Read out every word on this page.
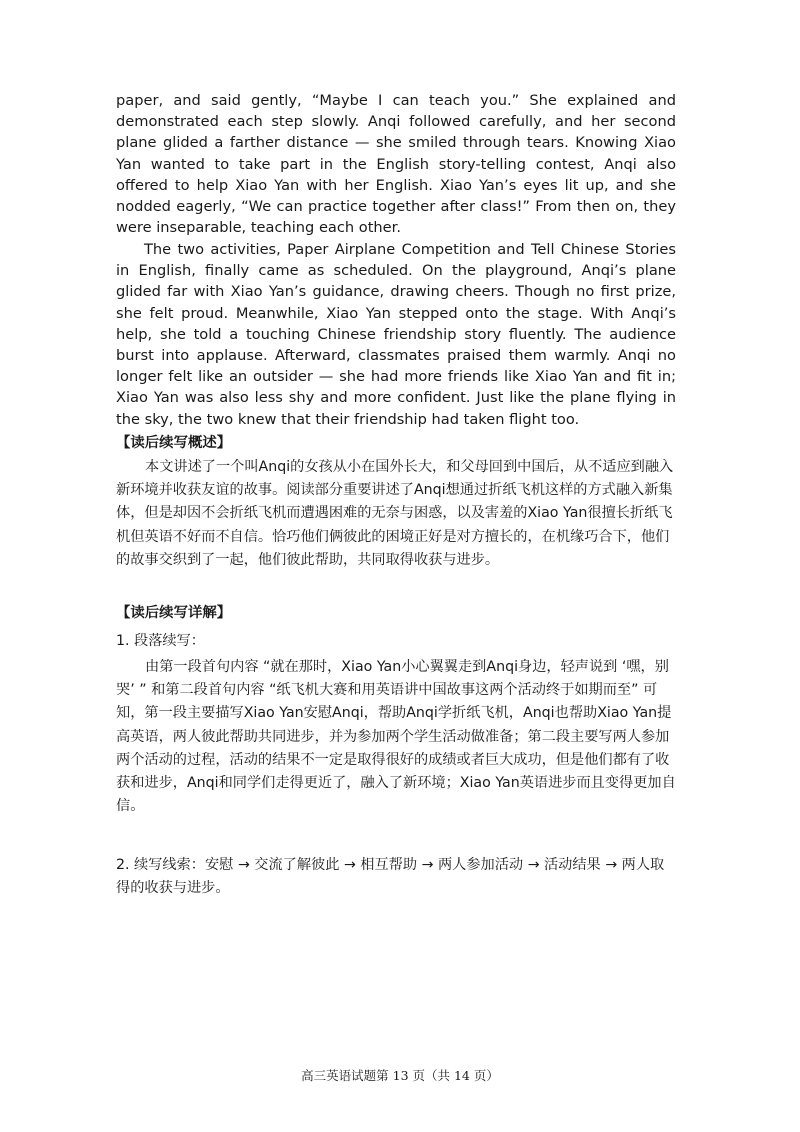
paper, and said gently, “Maybe I can teach you.” She explained and demonstrated each step slowly. Anqi followed carefully, and her second plane glided a farther distance — she smiled through tears. Knowing Xiao Yan wanted to take part in the English story-telling contest, Anqi also offered to help Xiao Yan with her English. Xiao Yan’s eyes lit up, and she nodded eagerly, “We can practice together after class!” From then on, they were inseparable, teaching each other.

The two activities, Paper Airplane Competition and Tell Chinese Stories in English, finally came as scheduled. On the playground, Anqi’s plane glided far with Xiao Yan’s guidance, drawing cheers. Though no first prize, she felt proud. Meanwhile, Xiao Yan stepped onto the stage. With Anqi’s help, she told a touching Chinese friendship story fluently. The audience burst into applause. Afterward, classmates praised them warmly. Anqi no longer felt like an outsider — she had more friends like Xiao Yan and fit in; Xiao Yan was also less shy and more confident. Just like the plane flying in the sky, the two knew that their friendship had taken flight too.

【读后续写概述】

本文讲述了一个叫Anqi的女孩从小在国外长大，和父母回到中国后，从不适应到融入新环境并收获友谊的故事。阅读部分重要讲述了Anqi想通过折纸飞机这样的方式融入新集体，但是却因不会折纸飞机而遭遇困难的无奈与困惑，以及害羞的Xiao Yan很擅长折纸飞机但英语不好而不自信。恰巧他们俩彼此的困境正好是对方擅长的，在机缘巧合下，他们的故事交织到了一起，他们彼此帮助，共同取得收获与进步。

【读后续写详解】
1. 段落续写：

由第一段首句内容 “就在那时，Xiao Yan小心翼翼走到Anqi身边，轻声说到 ‘嘿，别哭’ ” 和第二段首句内容 “纸飞机大赛和用英语讲中国故事这两个活动终于如期而至” 可知，第一段主要描写Xiao Yan安慰Anqi，帮助Anqi学折纸飞机，Anqi也帮助Xiao Yan提高英语，两人彼此帮助共同进步，并为参加两个学生活动做准备；第二段主要写两人参加两个活动的过程，活动的结果不一定是取得很好的成绩或者巨大成功，但是他们都有了收获和进步，Anqi和同学们走得更近了，融入了新环境；Xiao Yan英语进步而且变得更加自信。

2. 续写线索：安慰 → 交流了解彼此 → 相互帮助 → 两人参加活动 → 活动结果 → 两人取得的收获与进步。

高三英语试题第 13 页（共 14 页）
